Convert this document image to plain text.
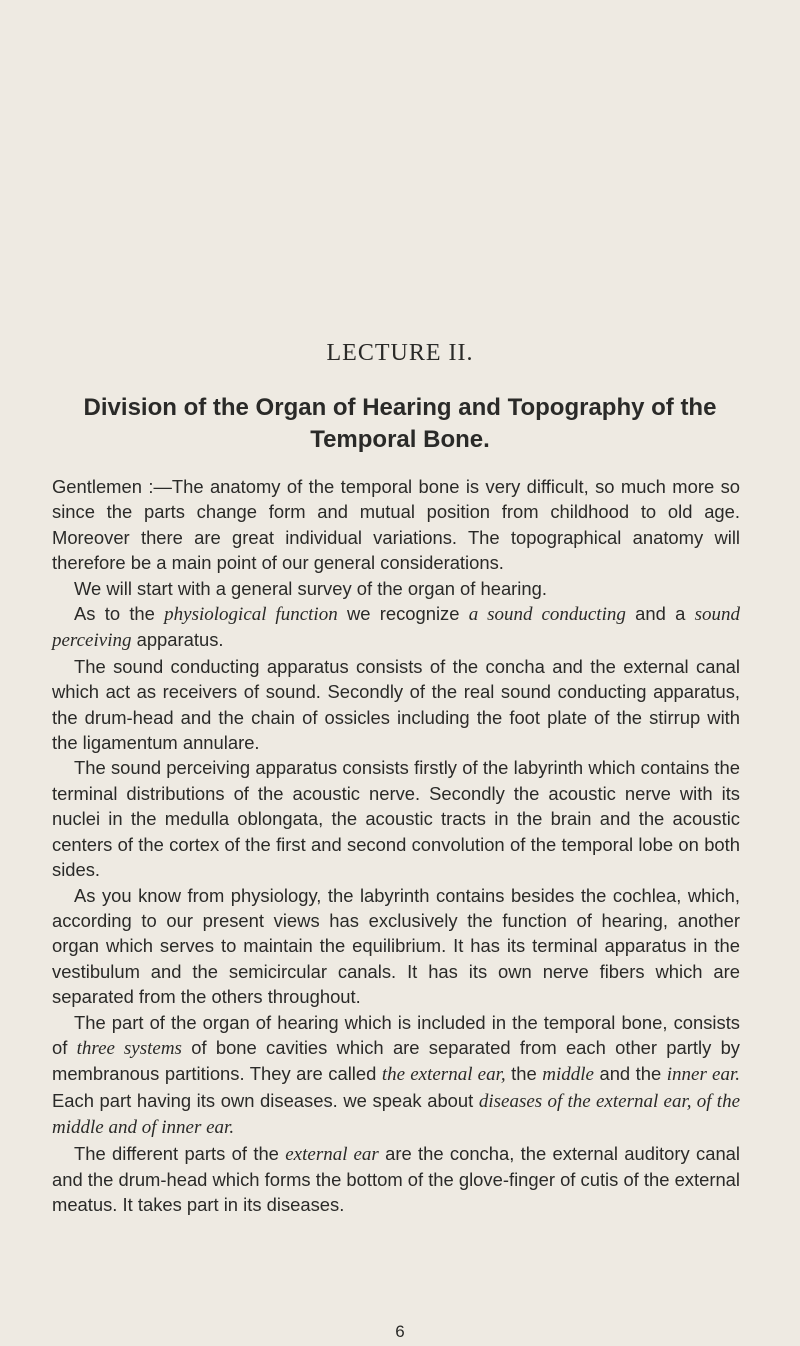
LECTURE II.
Division of the Organ of Hearing and Topography of the Temporal Bone.

Gentlemen :—The anatomy of the temporal bone is very difficult, so much more so since the parts change form and mutual position from childhood to old age. Moreover there are great individual variations. The topographical anatomy will therefore be a main point of our general considerations.

We will start with a general survey of the organ of hearing.

As to the physiological function we recognize a sound conducting and a sound perceiving apparatus.

The sound conducting apparatus consists of the concha and the external canal which act as receivers of sound. Secondly of the real sound conducting apparatus, the drum-head and the chain of ossicles including the foot plate of the stirrup with the ligamentum annulare.

The sound perceiving apparatus consists firstly of the labyrinth which contains the terminal distributions of the acoustic nerve. Secondly the acoustic nerve with its nuclei in the medulla oblongata, the acoustic tracts in the brain and the acoustic centers of the cortex of the first and second convolution of the temporal lobe on both sides.

As you know from physiology, the labyrinth contains besides the cochlea, which, according to our present views has exclusively the function of hearing, another organ which serves to maintain the equilibrium. It has its terminal apparatus in the vestibulum and the semicircular canals. It has its own nerve fibers which are separated from the others throughout.

The part of the organ of hearing which is included in the temporal bone, consists of three systems of bone cavities which are separated from each other partly by membranous partitions. They are called the external ear, the middle and the inner ear. Each part having its own diseases. we speak about diseases of the external ear, of the middle and of inner ear.

The different parts of the external ear are the concha, the external auditory canal and the drum-head which forms the bottom of the glove-finger of cutis of the external meatus. It takes part in its diseases.

6
